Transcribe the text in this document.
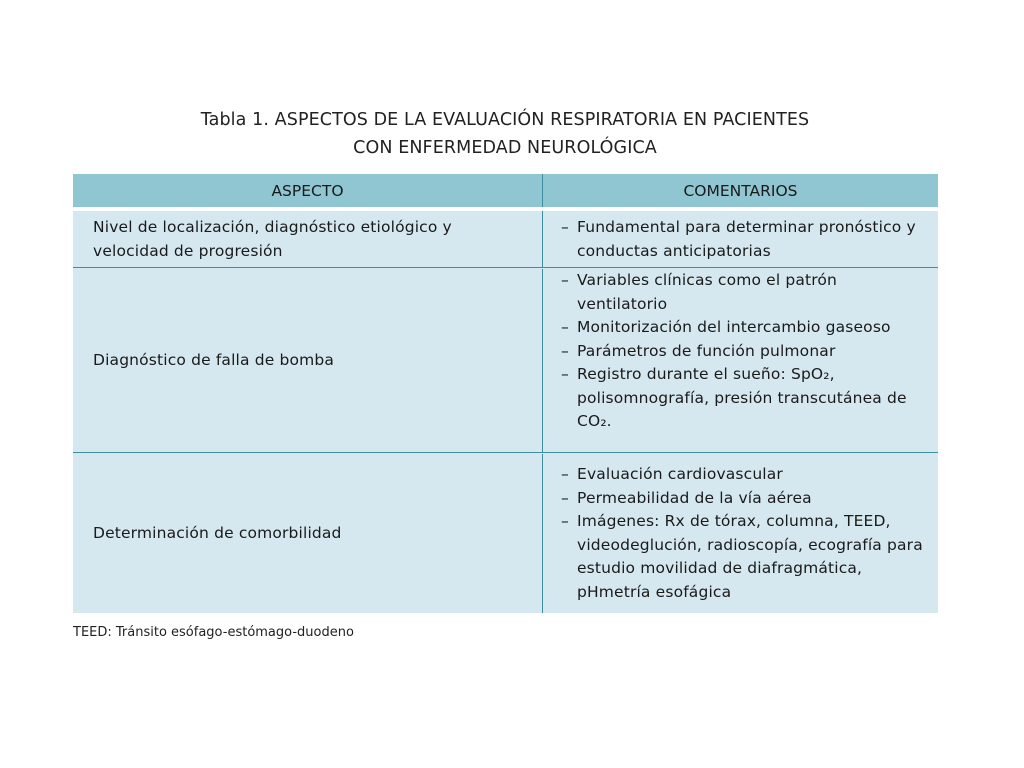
Tabla 1. ASPECTOS DE LA EVALUACIÓN RESPIRATORIA EN PACIENTES
CON ENFERMEDAD NEUROLÓGICA
ASPECTO	COMENTARIOS
Nivel de localización, diagnóstico etiológico y velocidad de progresión
– Fundamental para determinar pronóstico y conductas anticipatorias
Diagnóstico de falla de bomba
– Variables clínicas como el patrón ventilatorio
– Monitorización del intercambio gaseoso
– Parámetros de función pulmonar
– Registro durante el sueño: SpO₂, polisomnografía, presión transcutánea de CO₂.
Determinación de comorbilidad
– Evaluación cardiovascular
– Permeabilidad de la vía aérea
– Imágenes: Rx de tórax, columna, TEED, videodeglución, radioscopía, ecografía para estudio movilidad de diafragmática, pHmetría esofágica
TEED: Tránsito esófago-estómago-duodeno
